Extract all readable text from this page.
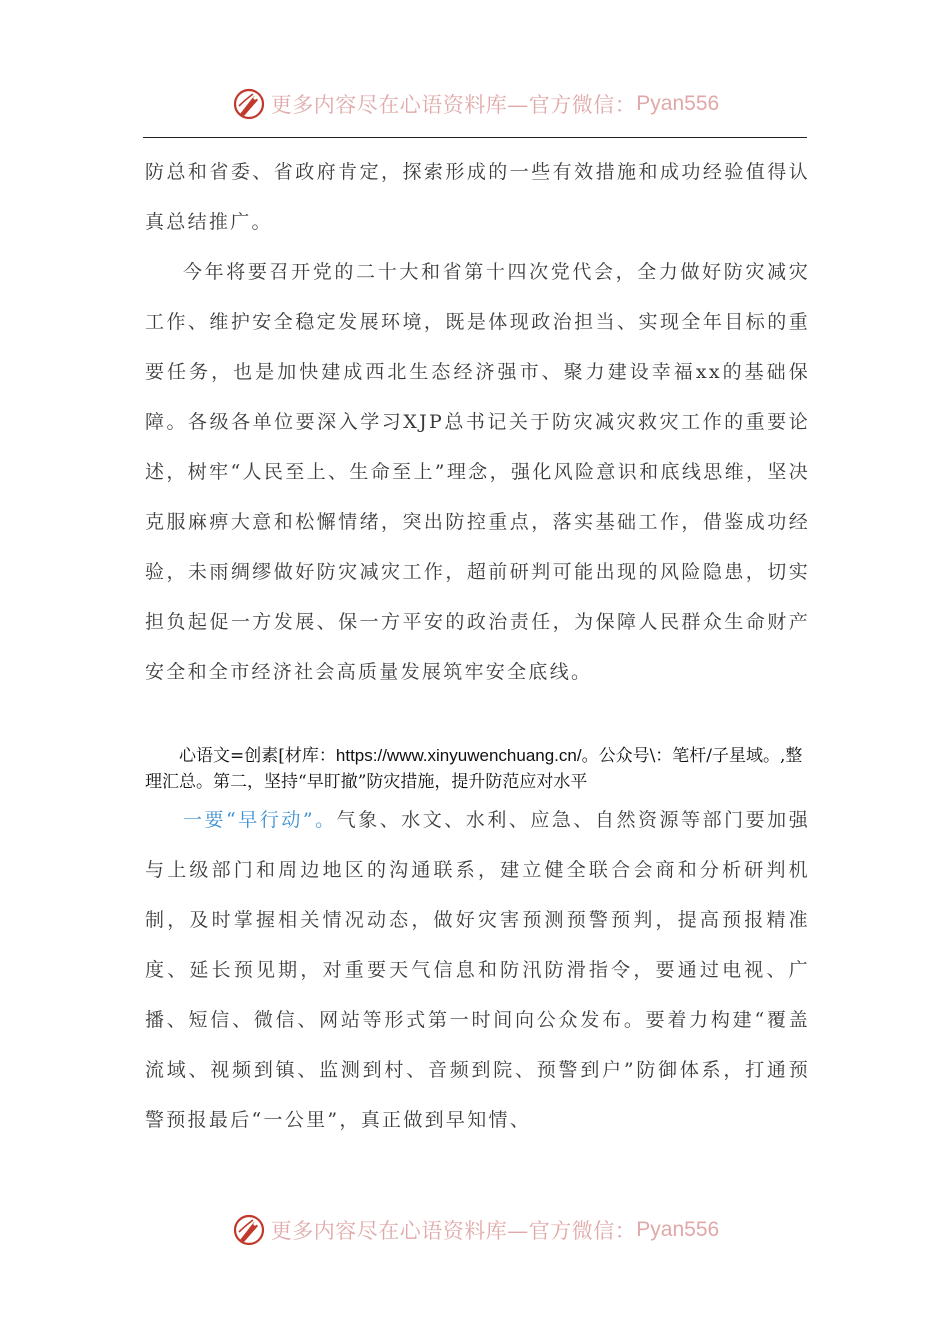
更多内容尽在心语资料库—官方微信： Pyan556

防总和省委、省政府肯定，探索形成的一些有效措施和成功经验值得认真总结推广。

今年将要召开党的二十大和省第十四次党代会，全力做好防灾减灾工作、维护安全稳定发展环境，既是体现政治担当、实现全年目标的重要任务，也是加快建成西北生态经济强市、聚力建设幸福xx的基础保障。各级各单位要深入学习XJP总书记关于防灾减灾救灾工作的重要论述，树牢“人民至上、生命至上”理念，强化风险意识和底线思维，坚决克服麻痹大意和松懈情绪，突出防控重点，落实基础工作，借鉴成功经验，未雨绸缪做好防灾减灾工作，超前研判可能出现的风险隐患，切实担负起促一方发展、保一方平安的政治责任，为保障人民群众生命财产安全和全市经济社会高质量发展筑牢安全底线。

心语文=创素[材库：https://www.xinyuwenchuang.cn/。公众号\：笔杆/子星域。,整理汇总。第二，坚持“早盯撤”防灾措施，提升防范应对水平

一要“早行动”。气象、水文、水利、应急、自然资源等部门要加强与上级部门和周边地区的沟通联系，建立健全联合会商和分析研判机制，及时掌握相关情况动态，做好灾害预测预警预判，提高预报精准度、延长预见期，对重要天气信息和防汛防滑指令，要通过电视、广播、短信、微信、网站等形式第一时间向公众发布。要着力构建“覆盖流域、视频到镇、监测到村、音频到院、预警到户”防御体系，打通预警预报最后“一公里”，真正做到早知情、

更多内容尽在心语资料库—官方微信： Pyan556
